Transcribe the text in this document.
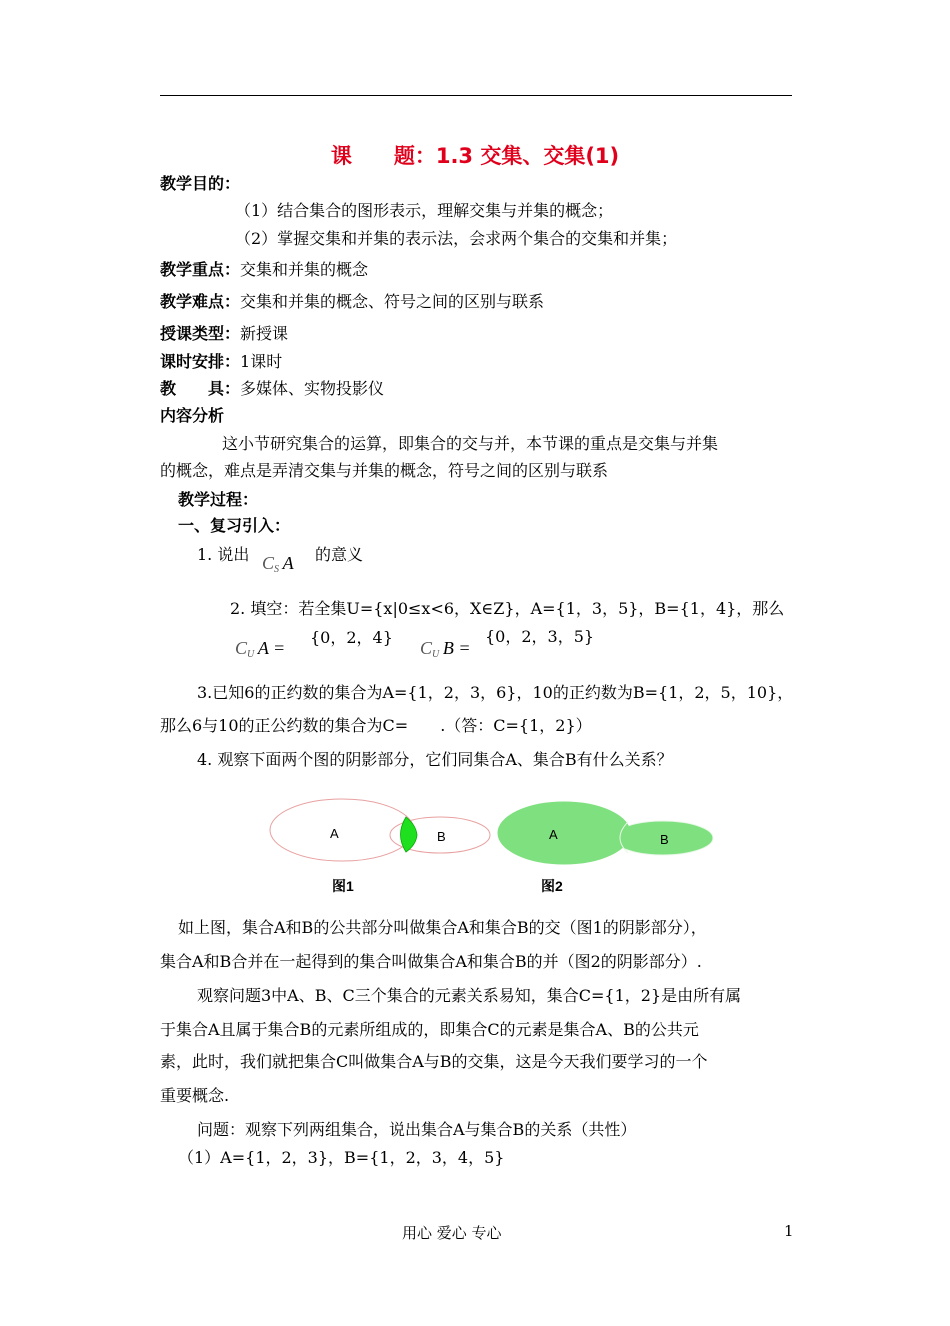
课　　题：1.3 交集、交集(1)
教学目的：
（1）结合集合的图形表示，理解交集与并集的概念；
（2）掌握交集和并集的表示法，会求两个集合的交集和并集；
教学重点：交集和并集的概念
教学难点：交集和并集的概念、符号之间的区别与联系
授课类型：新授课
课时安排：1课时
教　　具：多媒体、实物投影仪
内容分析
这小节研究集合的运算，即集合的交与并，本节课的重点是交集与并集
的概念，难点是弄清交集与并集的概念，符号之间的区别与联系
教学过程：
一、复习引入：
1. 说出 $C_S$  A 的意义
2. 填空：若全集U={x|0≤x<6，X∈Z}，A={1，3，5}，B={1，4}，那么
$C_U$  A =
{0，2，4}
$C_U$  B =
{0，2，3，5}
3.已知6的正约数的集合为A={1，2，3，6}，10的正约数为B={1，2，5，10}，
那么6与10的正公约数的集合为C=　　.（答：C={1，2}）
4. 观察下面两个图的阴影部分，它们同集合A、集合B有什么关系？
A	B
图1
A	B
图2
如上图，集合A和B的公共部分叫做集合A和集合B的交（图1的阴影部分），
集合A和B合并在一起得到的集合叫做集合A和集合B的并（图2的阴影部分）.
观察问题3中A、B、C三个集合的元素关系易知，集合C={1，2}是由所有属
于集合A且属于集合B的元素所组成的，即集合C的元素是集合A、B的公共元
素，此时，我们就把集合C叫做集合A与B的交集，这是今天我们要学习的一个
重要概念.
问题：观察下列两组集合，说出集合A与集合B的关系（共性）
（1）A={1，2，3}，B={1，2，3，4，5}
用心 爱心 专心	1
